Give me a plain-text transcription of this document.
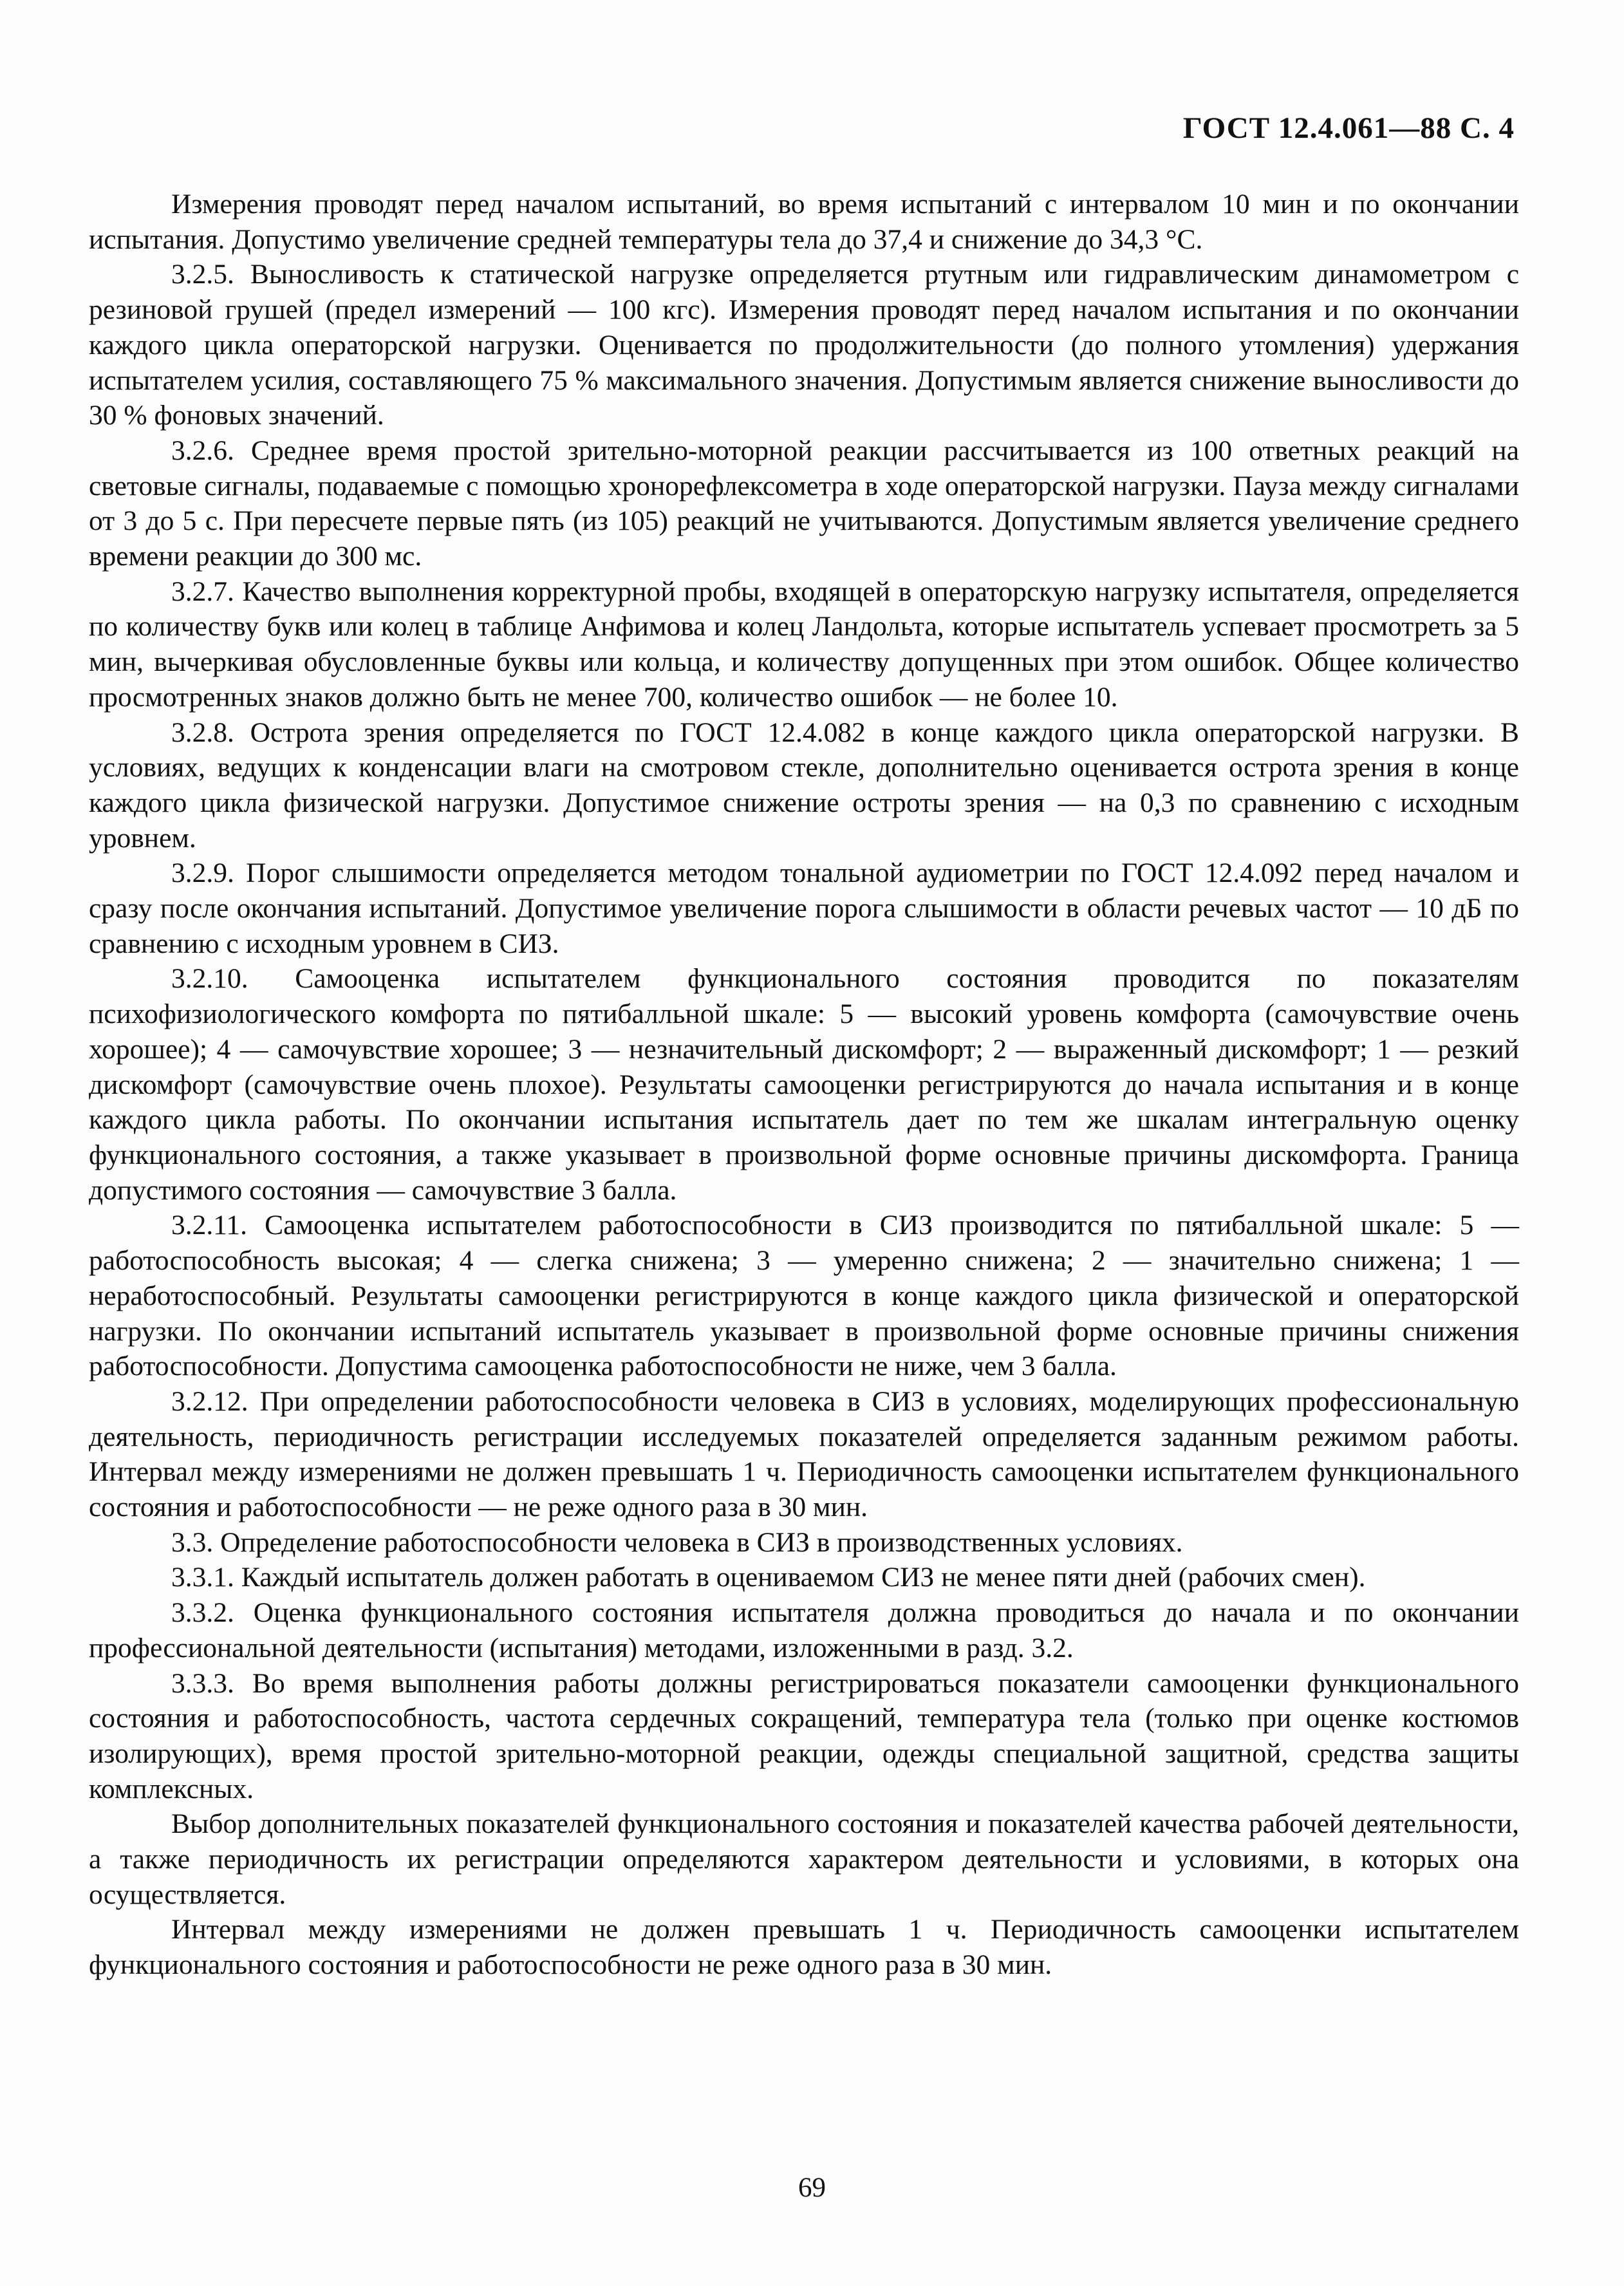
ГОСТ 12.4.061—88 С. 4

Измерения проводят перед началом испытаний, во время испытаний с интервалом 10 мин и по окончании испытания. Допустимо увеличение средней температуры тела до 37,4 и снижение до 34,3 °С.

3.2.5. Выносливость к статической нагрузке определяется ртутным или гидравлическим динамометром с резиновой грушей (предел измерений — 100 кгс). Измерения проводят перед началом испытания и по окончании каждого цикла операторской нагрузки. Оценивается по продолжительности (до полного утомления) удержания испытателем усилия, составляющего 75 % максимального значения. Допустимым является снижение выносливости до 30 % фоновых значений.

3.2.6. Среднее время простой зрительно-моторной реакции рассчитывается из 100 ответных реакций на световые сигналы, подаваемые с помощью хронорефлексометра в ходе операторской нагрузки. Пауза между сигналами от 3 до 5 с. При пересчете первые пять (из 105) реакций не учитываются. Допустимым является увеличение среднего времени реакции до 300 мс.

3.2.7. Качество выполнения корректурной пробы, входящей в операторскую нагрузку испытателя, определяется по количеству букв или колец в таблице Анфимова и колец Ландольта, которые испытатель успевает просмотреть за 5 мин, вычеркивая обусловленные буквы или кольца, и количеству допущенных при этом ошибок. Общее количество просмотренных знаков должно быть не менее 700, количество ошибок — не более 10.

3.2.8. Острота зрения определяется по ГОСТ 12.4.082 в конце каждого цикла операторской нагрузки. В условиях, ведущих к конденсации влаги на смотровом стекле, дополнительно оценивается острота зрения в конце каждого цикла физической нагрузки. Допустимое снижение остроты зрения — на 0,3 по сравнению с исходным уровнем.

3.2.9. Порог слышимости определяется методом тональной аудиометрии по ГОСТ 12.4.092 перед началом и сразу после окончания испытаний. Допустимое увеличение порога слышимости в области речевых частот — 10 дБ по сравнению с исходным уровнем в СИЗ.

3.2.10. Самооценка испытателем функционального состояния проводится по показателям психофизиологического комфорта по пятибалльной шкале: 5 — высокий уровень комфорта (самочувствие очень хорошее); 4 — самочувствие хорошее; 3 — незначительный дискомфорт; 2 — выраженный дискомфорт; 1 — резкий дискомфорт (самочувствие очень плохое). Результаты самооценки регистрируются до начала испытания и в конце каждого цикла работы. По окончании испытания испытатель дает по тем же шкалам интегральную оценку функционального состояния, а также указывает в произвольной форме основные причины дискомфорта. Граница допустимого состояния — самочувствие 3 балла.

3.2.11. Самооценка испытателем работоспособности в СИЗ производится по пятибалльной шкале: 5 — работоспособность высокая; 4 — слегка снижена; 3 — умеренно снижена; 2 — значительно снижена; 1 — неработоспособный. Результаты самооценки регистрируются в конце каждого цикла физической и операторской нагрузки. По окончании испытаний испытатель указывает в произвольной форме основные причины снижения работоспособности. Допустима самооценка работоспособности не ниже, чем 3 балла.

3.2.12. При определении работоспособности человека в СИЗ в условиях, моделирующих профессиональную деятельность, периодичность регистрации исследуемых показателей определяется заданным режимом работы. Интервал между измерениями не должен превышать 1 ч. Периодичность самооценки испытателем функционального состояния и работоспособности — не реже одного раза в 30 мин.

3.3. Определение работоспособности человека в СИЗ в производственных условиях.

3.3.1. Каждый испытатель должен работать в оцениваемом СИЗ не менее пяти дней (рабочих смен).

3.3.2. Оценка функционального состояния испытателя должна проводиться до начала и по окончании профессиональной деятельности (испытания) методами, изложенными в разд. 3.2.

3.3.3. Во время выполнения работы должны регистрироваться показатели самооценки функционального состояния и работоспособность, частота сердечных сокращений, температура тела (только при оценке костюмов изолирующих), время простой зрительно-моторной реакции, одежды специальной защитной, средства защиты комплексных.

Выбор дополнительных показателей функционального состояния и показателей качества рабочей деятельности, а также периодичность их регистрации определяются характером деятельности и условиями, в которых она осуществляется.

Интервал между измерениями не должен превышать 1 ч. Периодичность самооценки испытателем функционального состояния и работоспособности не реже одного раза в 30 мин.

69
